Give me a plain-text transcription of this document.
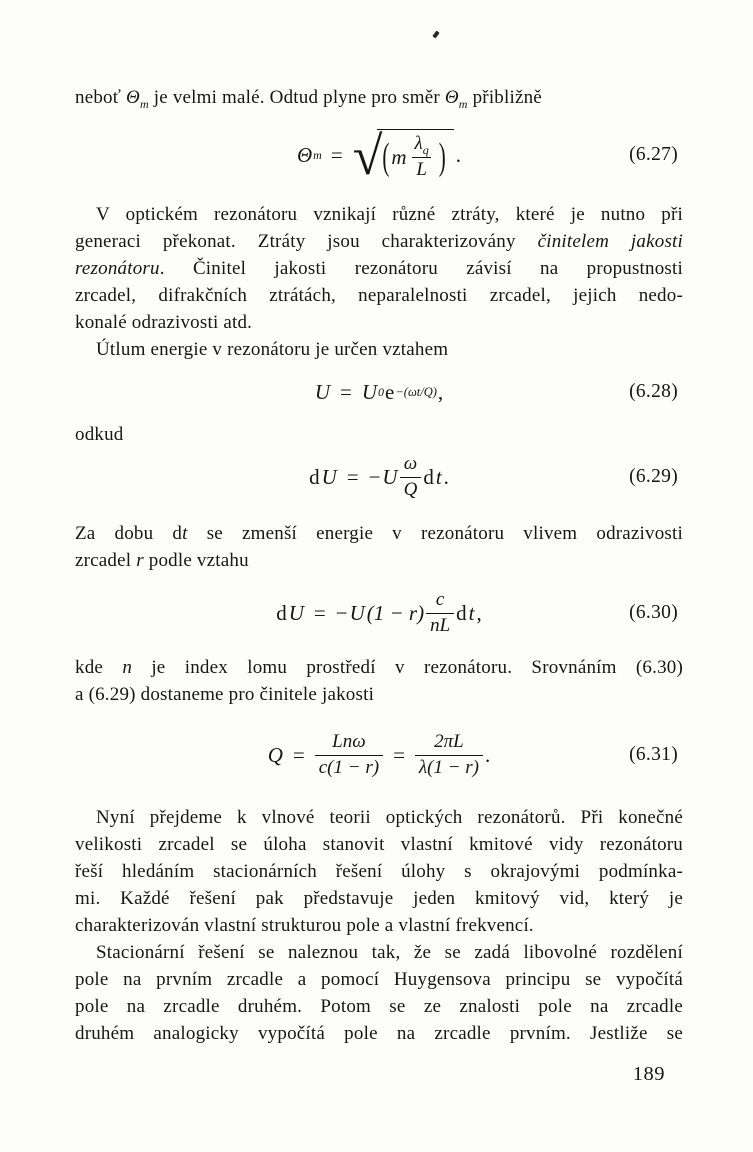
neboť $\Theta_m$ je velmi malé. Odtud plyne pro směr $\Theta_m$ přibližně

Θ m = √ ( m $\frac{\lambda_q}{L}$ ) .	(6.27)

V optickém rezonátoru vznikají různé ztráty, které je nutno při

generaci překonat. Ztráty jsou charakterizovány činitelem jakosti

rezonátoru. Činitel jakosti rezonátoru závisí na propustnosti

zrcadel, difrakčních ztrátách, neparalelnosti zrcadel, jejich nedo-

konalé odrazivosti atd.

Útlum energie v rezonátoru je určen vztahem

U = U 0 e −(ωt/Q) ,	(6.28)

odkud

d U = − U $\frac{\omega}{Q}$ d t .	(6.29)

Za dobu dt se zmenší energie v rezonátoru vlivem odrazivosti

zrcadel r podle vztahu

d U = − U $(1 - r) \frac{c}{nL}$ d t ,	(6.30)

kde n je index lomu prostředí v rezonátoru. Srovnáním (6.30)

a (6.29) dostaneme pro činitele jakosti

$Q = \frac{\text{Lnω}}{c(1 - r)} = \frac{2\pi L}{\lambda(1 - r)}$ .	(6.31)

Nyní přejdeme k vlnové teorii optických rezonátorů. Při konečné

velikosti zrcadel se úloha stanovit vlastní kmitové vidy rezonátoru

řeší hledáním stacionárních řešení úlohy s okrajovými podmínka-

mi. Každé řešení pak představuje jeden kmitový vid, který je

charakterizován vlastní strukturou pole a vlastní frekvencí.

Stacionární řešení se naleznou tak, že se zadá libovolné rozdělení

pole na prvním zrcadle a pomocí Huygensova principu se vypočítá

pole na zrcadle druhém. Potom se ze znalosti pole na zrcadle

druhém analogicky vypočítá pole na zrcadle prvním. Jestliže se

189
